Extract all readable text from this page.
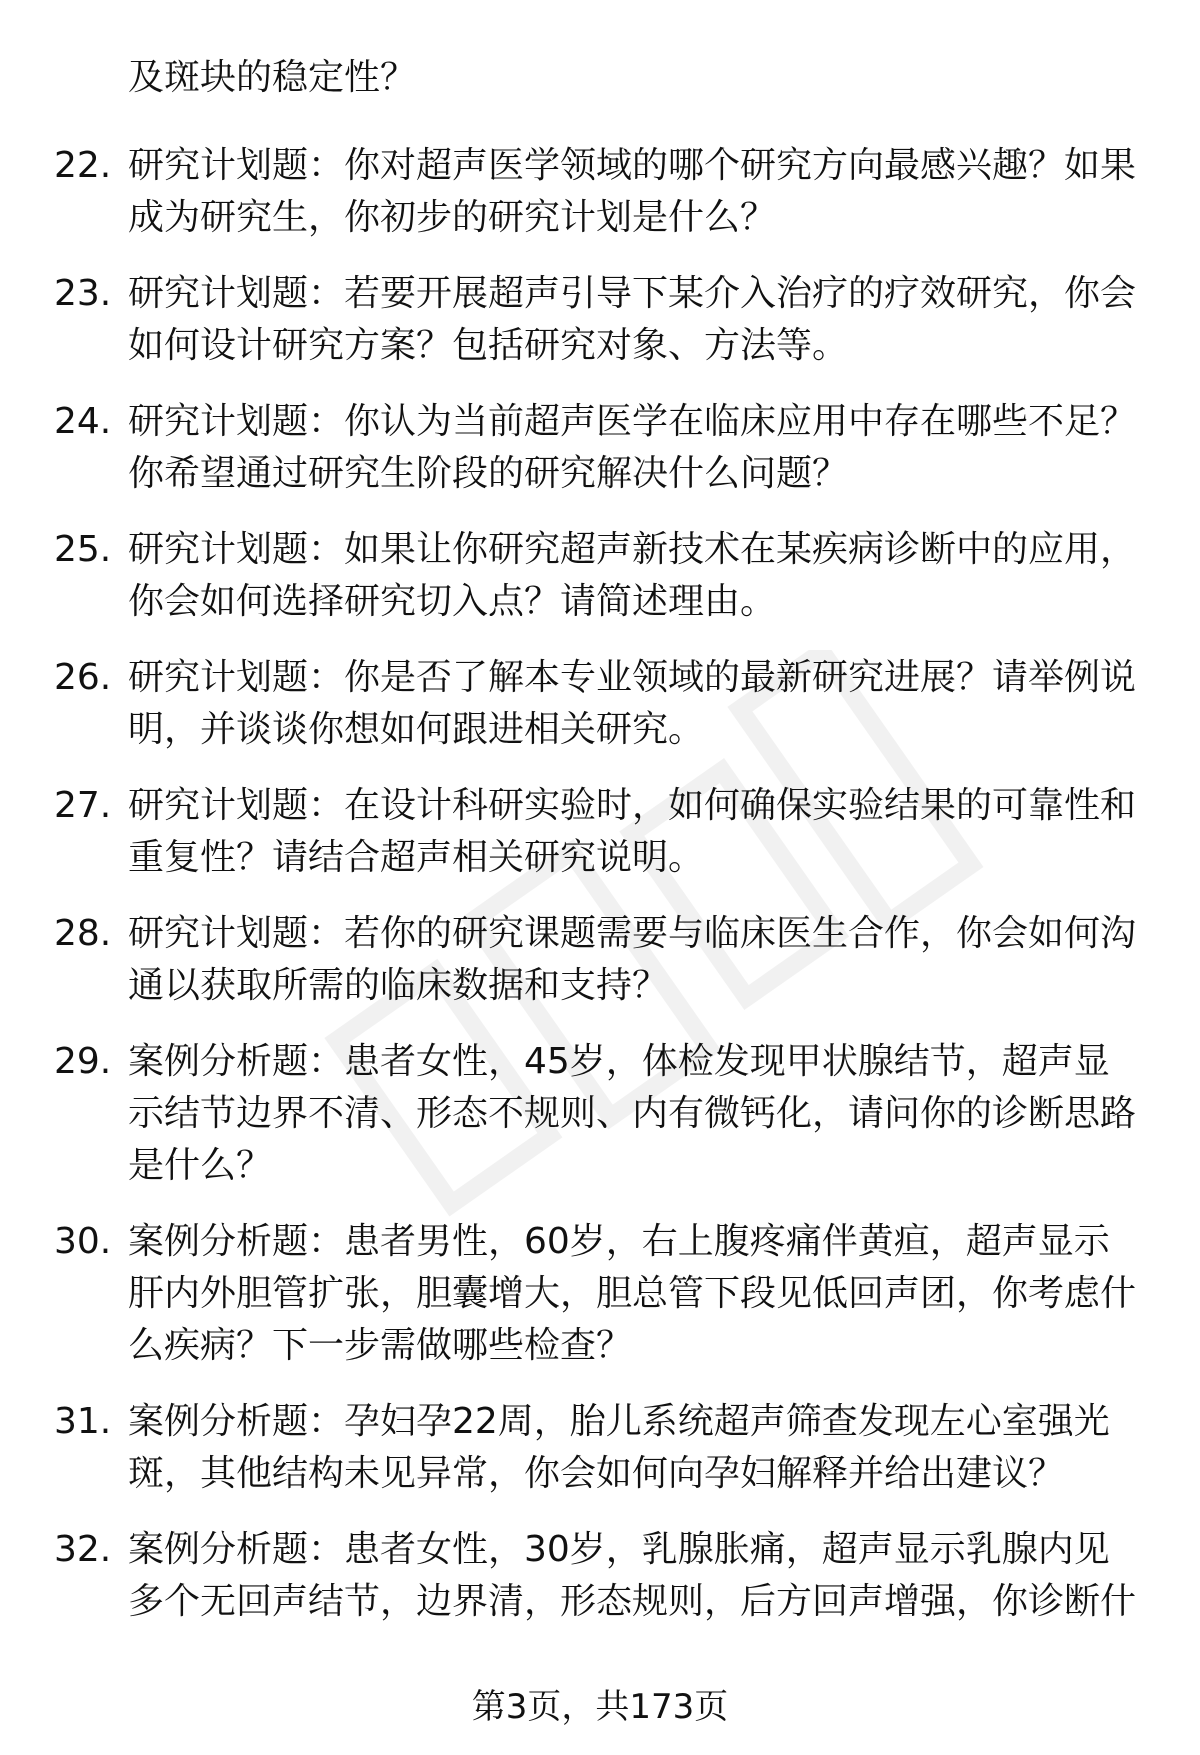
及斑块的稳定性？

22. 研究计划题：你对超声医学领域的哪个研究方向最感兴趣？如果成为研究生，你初步的研究计划是什么？
23. 研究计划题：若要开展超声引导下某介入治疗的疗效研究，你会如何设计研究方案？包括研究对象、方法等。
24. 研究计划题：你认为当前超声医学在临床应用中存在哪些不足？你希望通过研究生阶段的研究解决什么问题？
25. 研究计划题：如果让你研究超声新技术在某疾病诊断中的应用，你会如何选择研究切入点？请简述理由。
26. 研究计划题：你是否了解本专业领域的最新研究进展？请举例说明，并谈谈你想如何跟进相关研究。
27. 研究计划题：在设计科研实验时，如何确保实验结果的可靠性和重复性？请结合超声相关研究说明。
28. 研究计划题：若你的研究课题需要与临床医生合作，你会如何沟通以获取所需的临床数据和支持？
29. 案例分析题：患者女性，45岁，体检发现甲状腺结节，超声显示结节边界不清、形态不规则、内有微钙化，请问你的诊断思路是什么？
30. 案例分析题：患者男性，60岁，右上腹疼痛伴黄疸，超声显示肝内外胆管扩张，胆囊增大，胆总管下段见低回声团，你考虑什么疾病？下一步需做哪些检查？
31. 案例分析题：孕妇孕22周，胎儿系统超声筛查发现左心室强光斑，其他结构未见异常，你会如何向孕妇解释并给出建议？
32. 案例分析题：患者女性，30岁，乳腺胀痛，超声显示乳腺内见多个无回声结节，边界清，形态规则，后方回声增强，你诊断什
第3页，共173页
